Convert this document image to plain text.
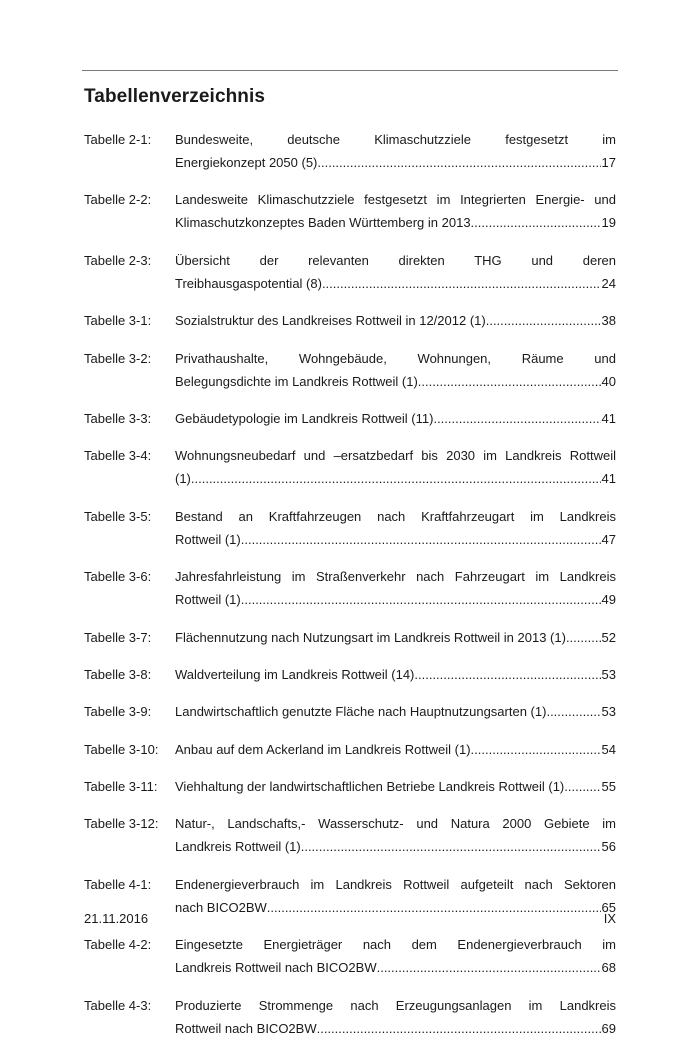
Tabellenverzeichnis
Tabelle 2-1:	Bundesweite, deutsche Klimaschutzziele festgesetzt im
Energiekonzept 2050 (5) .....	17
Tabelle 2-2:	Landesweite Klimaschutzziele festgesetzt im Integrierten Energie- und
Klimaschutzkonzeptes Baden Württemberg in 2013 .....	19
Tabelle 2-3:	Übersicht der relevanten direkten THG und deren
Treibhausgaspotential (8) .....	24
Tabelle 3-1:	Sozialstruktur des Landkreises Rottweil in 12/2012 (1) .....	38
Tabelle 3-2:	Privathaushalte, Wohngebäude, Wohnungen, Räume und
Belegungsdichte im Landkreis Rottweil (1) .....	40
Tabelle 3-3:	Gebäudetypologie im Landkreis Rottweil (11) .....	41
Tabelle 3-4:	Wohnungsneubedarf und –ersatzbedarf bis 2030 im Landkreis Rottweil
(1) .....	41
Tabelle 3-5:	Bestand an Kraftfahrzeugen nach Kraftfahrzeugart im Landkreis
Rottweil (1) .....	47
Tabelle 3-6:	Jahresfahrleistung im Straßenverkehr nach Fahrzeugart im Landkreis
Rottweil (1) .....	49
Tabelle 3-7:	Flächennutzung nach Nutzungsart im Landkreis Rottweil in 2013 (1) .....	52
Tabelle 3-8:	Waldverteilung im Landkreis Rottweil (14) .....	53
Tabelle 3-9:	Landwirtschaftlich genutzte Fläche nach Hauptnutzungsarten (1) .....	53
Tabelle 3-10:	Anbau auf dem Ackerland im Landkreis Rottweil (1) .....	54
Tabelle 3-11:	Viehhaltung der landwirtschaftlichen Betriebe Landkreis Rottweil (1) .....	55
Tabelle 3-12:	Natur-, Landschafts,- Wasserschutz- und Natura 2000 Gebiete im
Landkreis Rottweil (1) .....	56
Tabelle 4-1:	Endenergieverbrauch im Landkreis Rottweil aufgeteilt nach Sektoren
nach BICO2BW .....	65
Tabelle 4-2:	Eingesetzte Energieträger nach dem Endenergieverbrauch im
Landkreis Rottweil nach BICO2BW .....	68
Tabelle 4-3:	Produzierte Strommenge nach Erzeugungsanlagen im Landkreis
Rottweil nach BICO2BW .....	69
21.11.2016	IX
